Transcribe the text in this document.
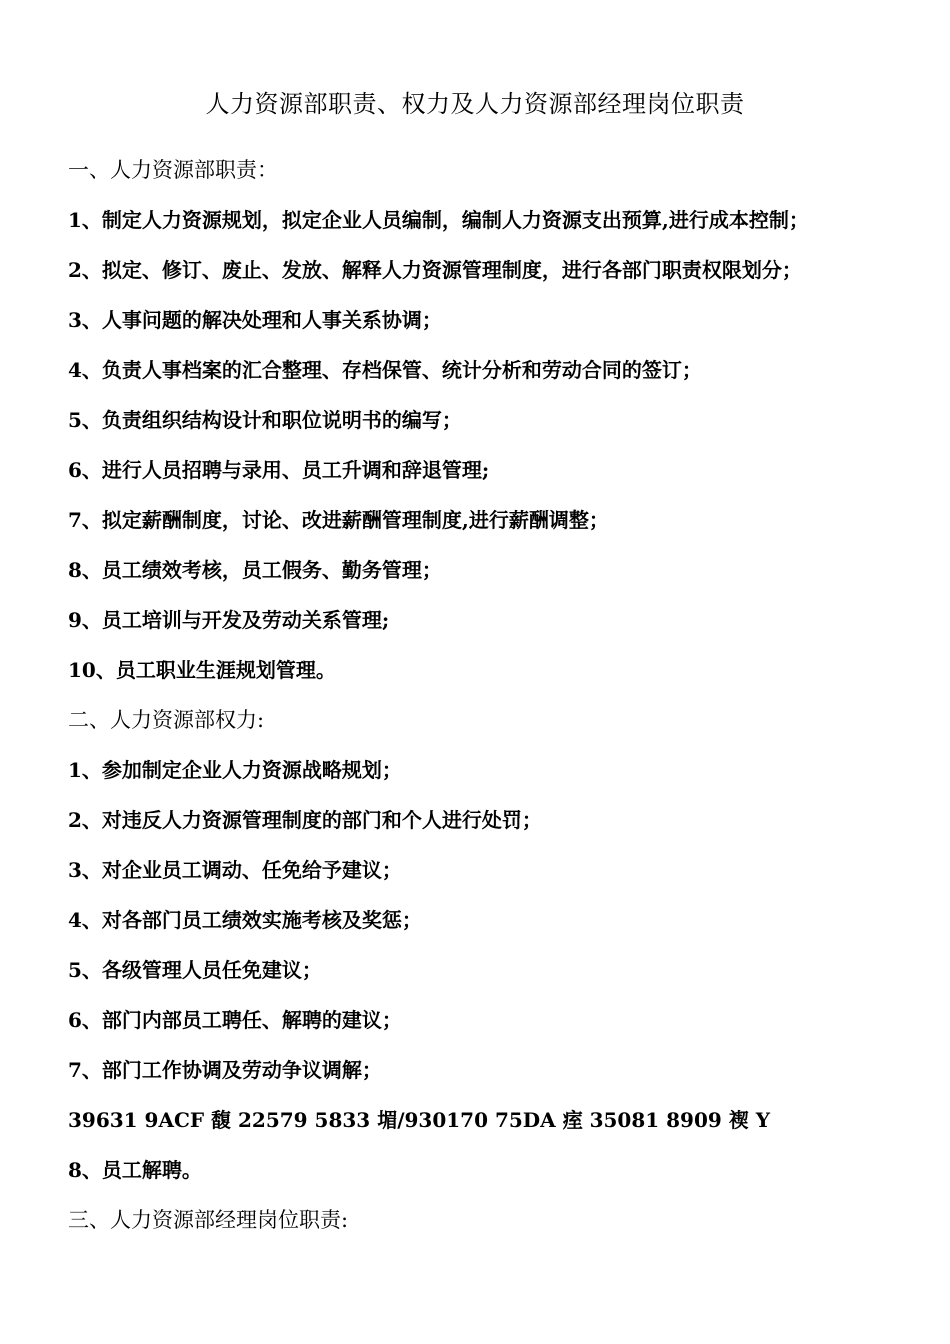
人力资源部职责、权力及人力资源部经理岗位职责
一、人力资源部职责：
1、制定人力资源规划，拟定企业人员编制，编制人力资源支出预算,进行成本控制；
2、拟定、修订、废止、发放、解释人力资源管理制度，进行各部门职责权限划分；
3、人事问题的解决处理和人事关系协调；
4、负责人事档案的汇合整理、存档保管、统计分析和劳动合同的签订；
5、负责组织结构设计和职位说明书的编写；
6、进行人员招聘与录用、员工升调和辞退管理;
7、拟定薪酬制度，讨论、改进薪酬管理制度,进行薪酬调整；
8、员工绩效考核，员工假务、勤务管理；
9、员工培训与开发及劳动关系管理;
10、员工职业生涯规划管理。
二、人力资源部权力:
1、参加制定企业人力资源战略规划；
2、对违反人力资源管理制度的部门和个人进行处罚；
3、对企业员工调动、任免给予建议；
4、对各部门员工绩效实施考核及奖惩；
5、各级管理人员任免建议；
6、部门内部员工聘任、解聘的建议；
7、部门工作协调及劳动争议调解；
39631 9ACF 馥 22579 5833 堳/930170 75DA 痓 35081 8909 褉 Y
8、员工解聘。
三、人力资源部经理岗位职责:
